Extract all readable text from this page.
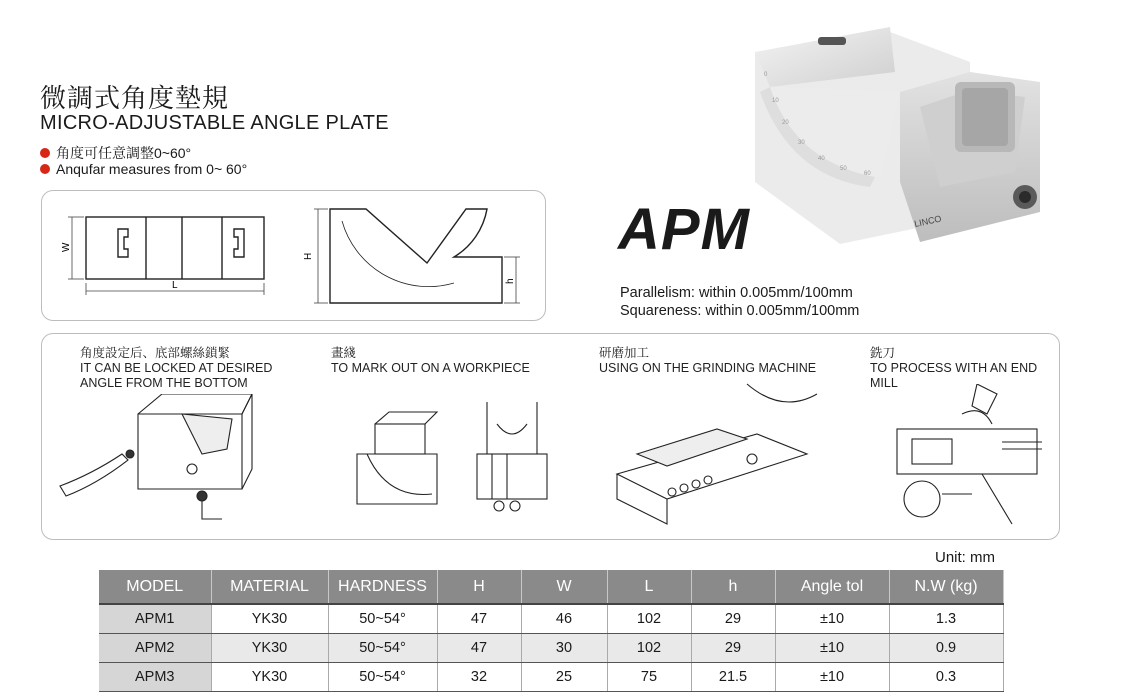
微調式角度墊規
MICRO-ADJUSTABLE ANGLE PLATE
角度可任意調整0~60°
Anqufar measures from 0~ 60°
LINCO
0
10
20
30
40
50
60
APM
Parallelism: within 0.005mm/100mm
Squareness: within 0.005mm/100mm
W
L
H
h
角度設定后、底部螺絲鎖緊
IT CAN BE LOCKED AT DESIRED
ANGLE FROM THE BOTTOM
畫綫
TO MARK OUT ON A WORKPIECE
研磨加工
USING ON THE GRINDING MACHINE
銑刀
TO PROCESS WITH AN END
MILL
Unit: mm
MODEL	MATERIAL	HARDNESS	H	W	L	h	Angle tol	N.W (kg)
APM1	YK30	50~54°	47	46	102	29	±10	1.3
APM2	YK30	50~54°	47	30	102	29	±10	0.9
APM3	YK30	50~54°	32	25	75	21.5	±10	0.3
